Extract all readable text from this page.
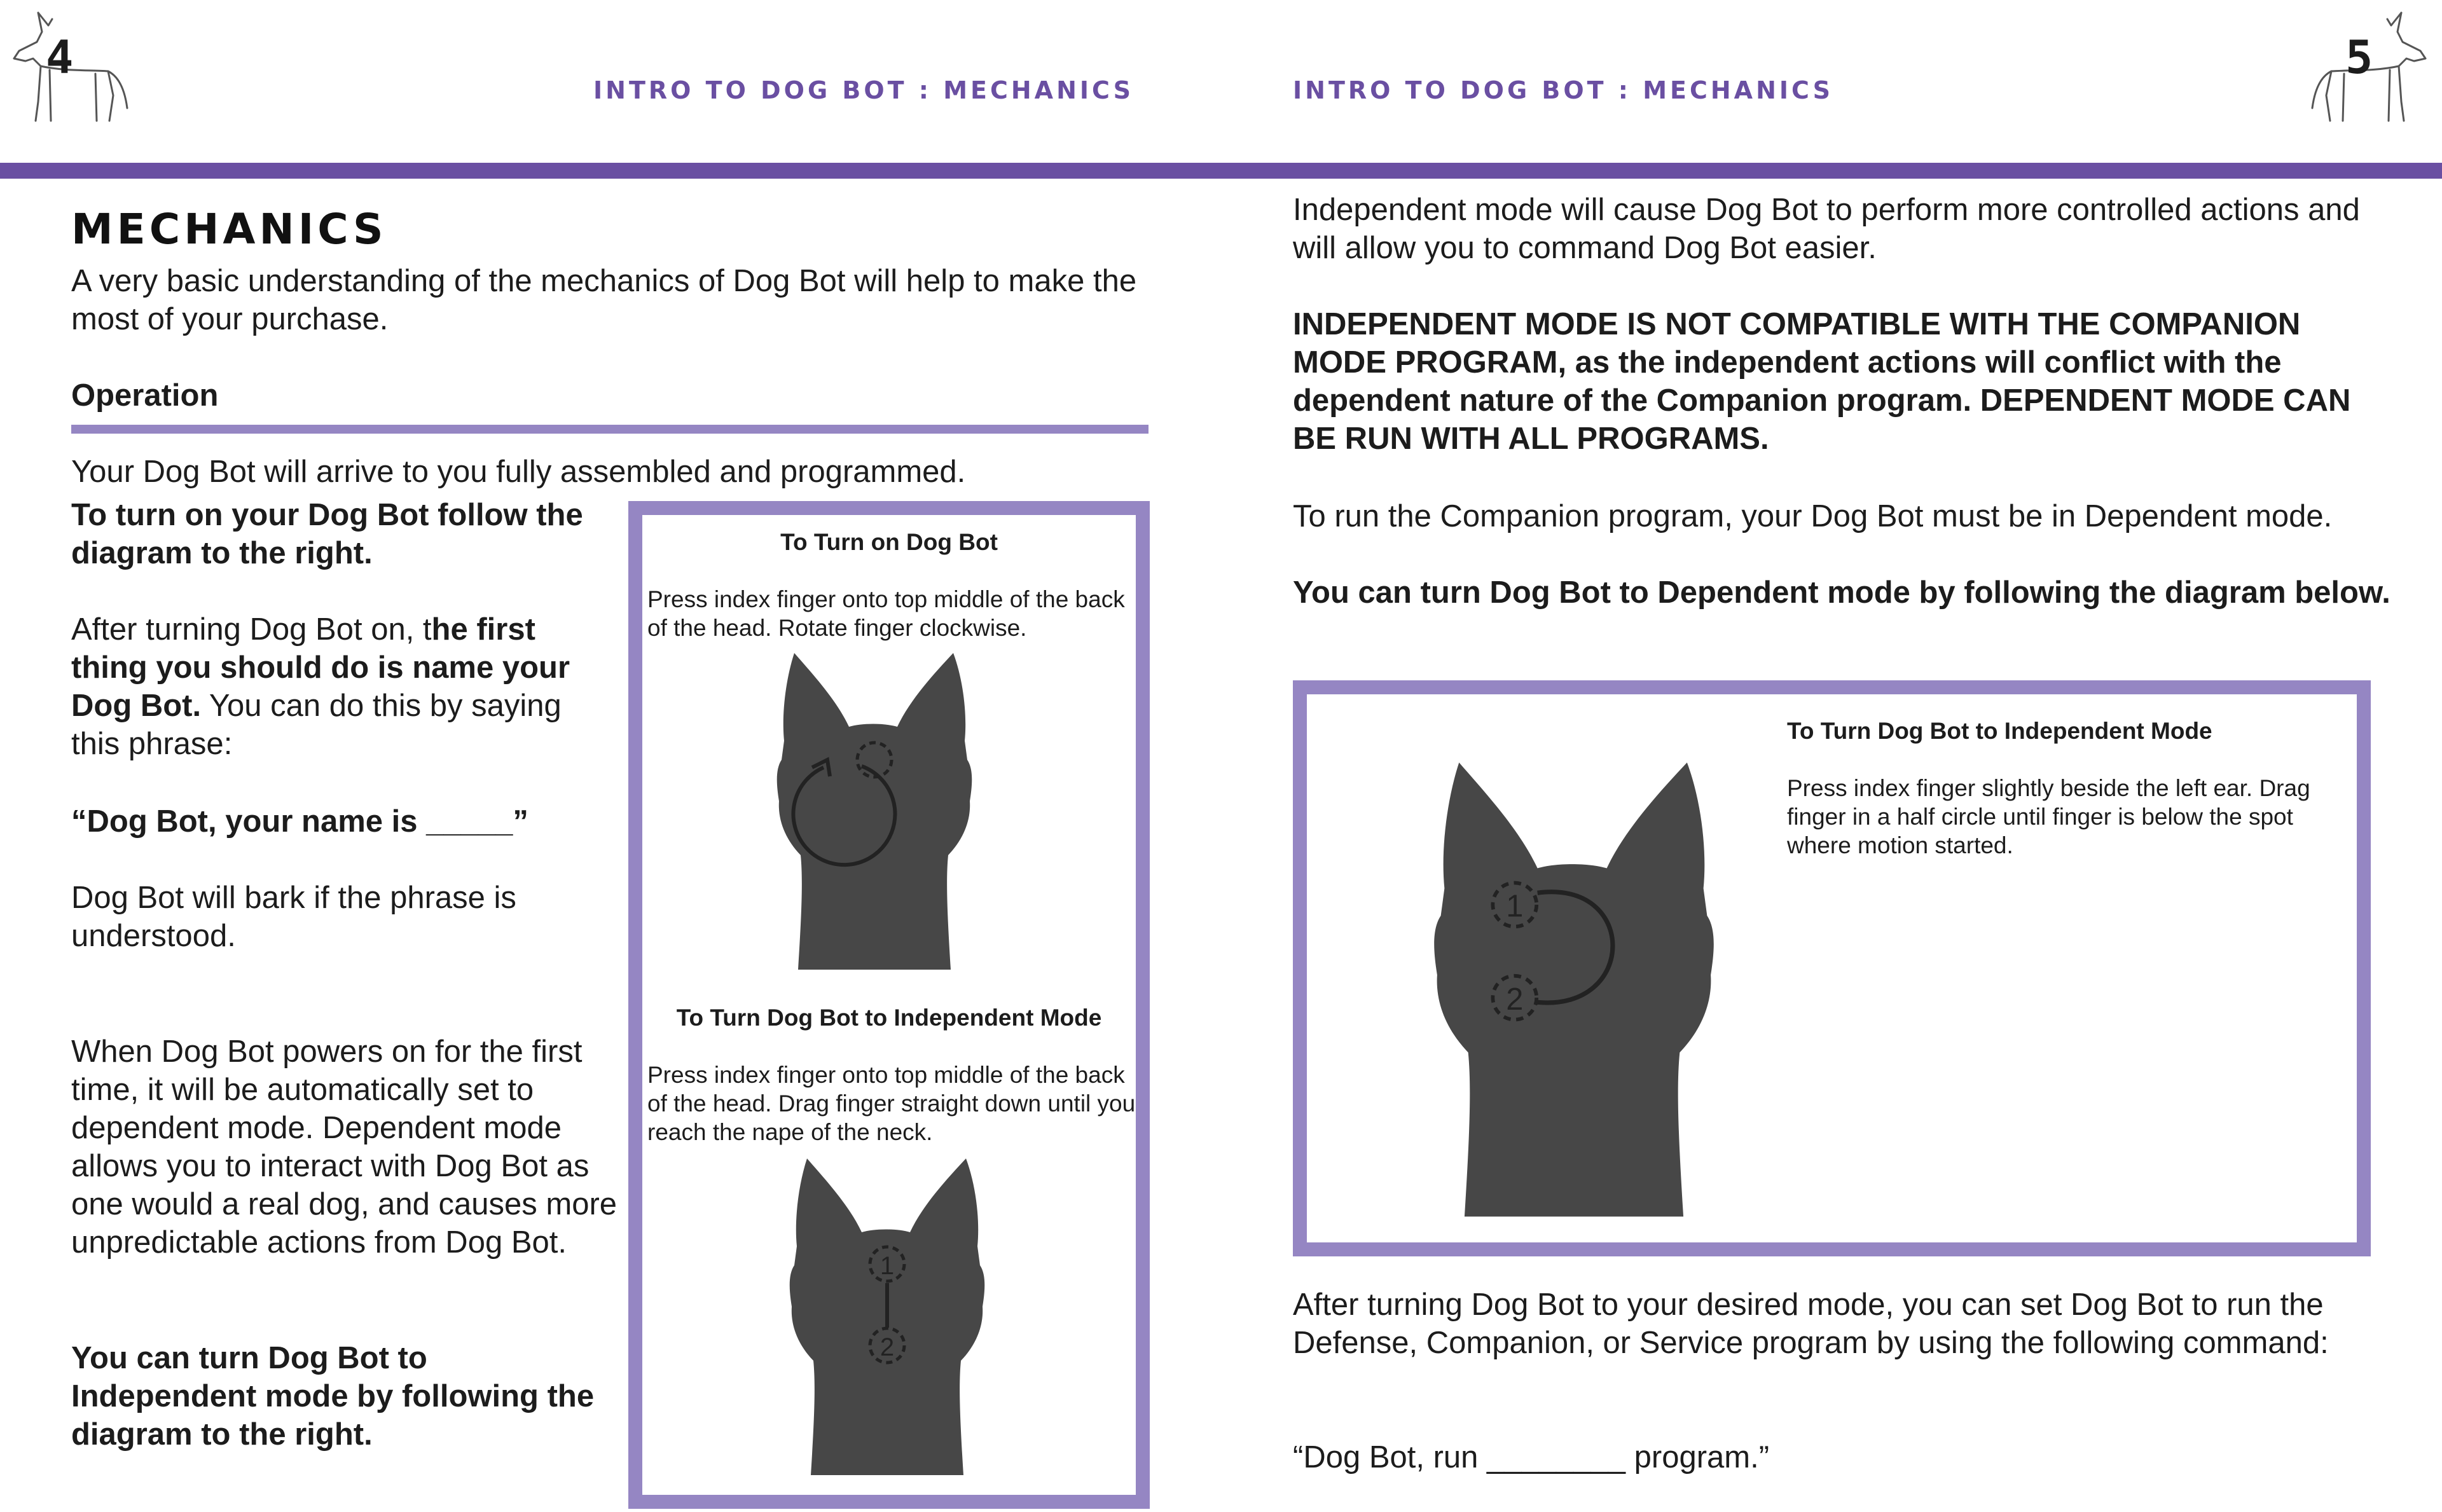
4
INTRO TO DOG BOT : MECHANICS	INTRO TO DOG BOT : MECHANICS
5
MECHANICS

A very basic understanding of the mechanics of Dog Bot will help to make the most of your purchase.

Operation

Your Dog Bot will arrive to you fully assembled and programmed.

To turn on your Dog Bot follow the diagram to the right.

After turning Dog Bot on, the first thing you should do is name your Dog Bot. You can do this by saying this phrase:

“Dog Bot, your name is _____”

Dog Bot will bark if the phrase is understood.

When Dog Bot powers on for the first time, it will be automatically set to dependent mode. Dependent mode allows you to interact with Dog Bot as one would a real dog, and causes more unpredictable actions from Dog Bot.

You can turn Dog Bot to Independent mode by following the diagram to the right.

To Turn on Dog Bot
Press index finger onto top middle of the back of the head. Rotate finger clockwise.
To Turn Dog Bot to Independent Mode
Press index finger onto top middle of the back of the head. Drag finger straight down until you reach the nape of the neck.
1
2

Independent mode will cause Dog Bot to perform more controlled actions and will allow you to command Dog Bot easier.

INDEPENDENT MODE IS NOT COMPATIBLE WITH THE COMPANION MODE PROGRAM, as the independent actions will conflict with the dependent nature of the Companion program. DEPENDENT MODE CAN BE RUN WITH ALL PROGRAMS.

To run the Companion program, your Dog Bot must be in Dependent mode.

You can turn Dog Bot to Dependent mode by following the diagram below.

1
2
To Turn Dog Bot to Independent Mode
Press index finger slightly beside the left ear. Drag finger in a half circle until finger is below the spot where motion started.

After turning Dog Bot to your desired mode, you can set Dog Bot to run the Defense, Companion, or Service program by using the following command:

“Dog Bot, run ________ program.”
